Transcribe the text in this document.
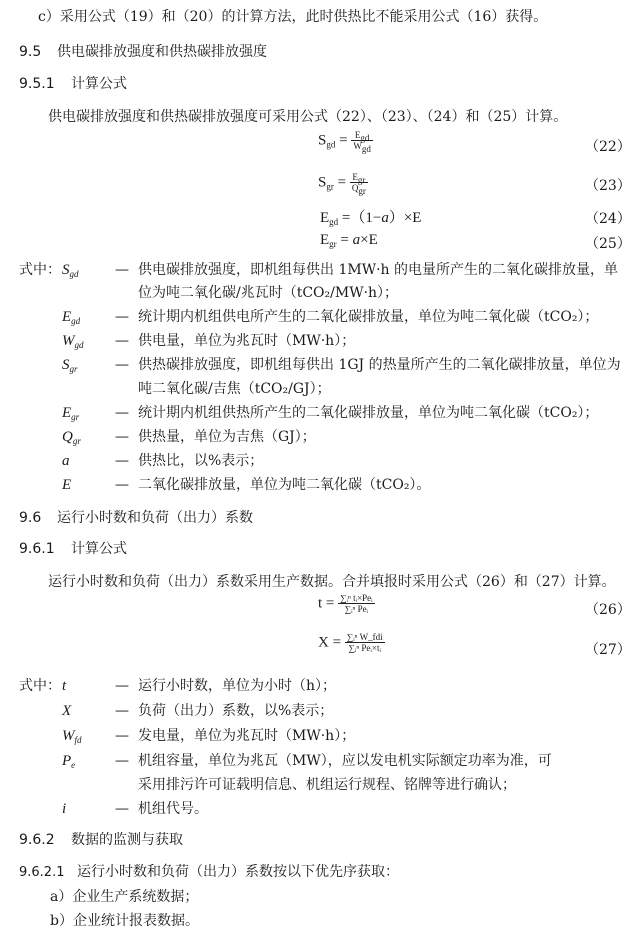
c）采用公式（19）和（20）的计算方法，此时供热比不能采用公式（16）获得。
9.5 供电碳排放强度和供热碳排放强度
9.5.1 计算公式
供电碳排放强度和供热碳排放强度可采用公式（22）、（23）、（24）和（25）计算。
$S_{gd} = \frac{E_{gd}}{W_{gd}}$	（22）
$S_{gr} = \frac{E_{gr}}{Q_{gr}}$	（23）
$E_{gd} =(1-a)\times E$	（24）
$E_{gr} = a\times E$	（25）
式中：$S_{gd}$	— 供电碳排放强度，即机组每供出 1MW·h 的电量所产生的二氧化碳排放量，单
位为吨二氧化碳/兆瓦时（tCO₂/MW·h）；
$E_{gd}$ — 统计期内机组供电所产生的二氧化碳排放量，单位为吨二氧化碳（tCO₂）；
$W_{gd}$ — 供电量，单位为兆瓦时（MW·h）；
$S_{gr}$	— 供热碳排放强度，即机组每供出 1GJ 的热量所产生的二氧化碳排放量，单位为
吨二氧化碳/吉焦（tCO₂/GJ）；
$E_{gr}$	— 统计期内机组供热所产生的二氧化碳排放量，单位为吨二氧化碳（tCO₂）；
$Q_{gr}$ — 供热量，单位为吉焦（GJ）；
a	— 供热比，以%表示；
E	— 二氧化碳排放量，单位为吨二氧化碳（tCO₂）。
9.6 运行小时数和负荷（出力）系数
9.6.1 计算公式
运行小时数和负荷（出力）系数采用生产数据。合并填报时采用公式（26）和（27）计算。
$t = \frac{\text{∑ᵢⁿ tᵢ×Peᵢ}}{\text{∑ᵢⁿ Peᵢ}}$	（26）
$X = \frac{\text{∑ᵢⁿ W\_fdi}}{\text{∑ᵢⁿ Peᵢ×tᵢ}}$	（27）
式中：t	— 运行小时数，单位为小时（h）；
X	— 负荷（出力）系数，以%表示；
$W_{fd}$ — 发电量，单位为兆瓦时（MW·h）；
$P_e$	— 机组容量，单位为兆瓦（MW），应以发电机实际额定功率为准，可
采用排污许可证载明信息、机组运行规程、铭牌等进行确认；
i	— 机组代号。
9.6.2 数据的监测与获取
9.6.2.1 运行小时数和负荷（出力）系数按以下优先序获取：
a）企业生产系统数据；
b）企业统计报表数据。
